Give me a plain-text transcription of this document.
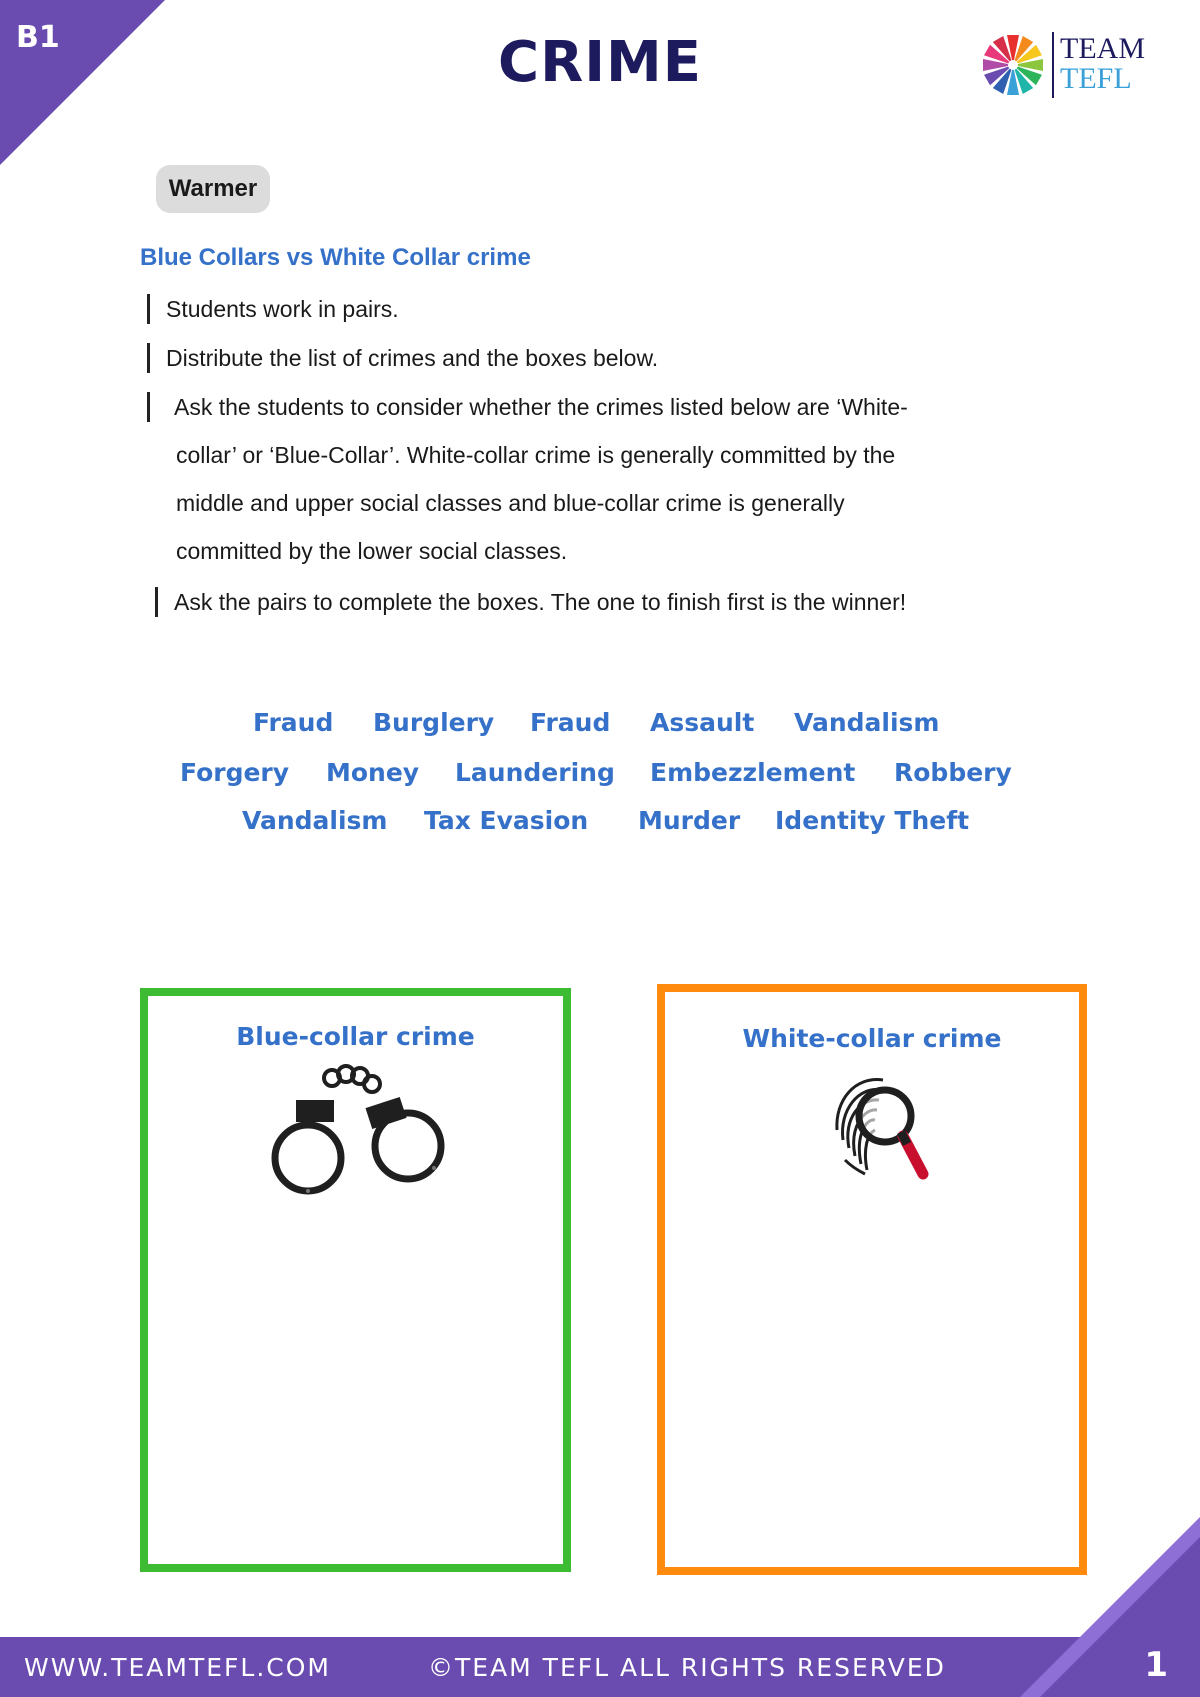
B1	CRIME	TEAM
TEFL
Warmer
Blue Collars vs White Collar crime
Students work in pairs.
Distribute the list of crimes and the boxes below.
Ask the students to consider whether the crimes listed below are ‘White-
collar’ or ‘Blue-Collar’. White-collar crime is generally committed by the
middle and upper social classes and blue-collar crime is generally
committed by the lower social classes.
Ask the pairs to complete the boxes. The one to finish first is the winner!
Fraud Burglery Fraud Assault Vandalism
Forgery Money Laundering Embezzlement Robbery
Vandalism Tax Evasion Murder Identity Theft
Blue-collar crime	White-collar crime
WWW.TEAMTEFL.COM	©TEAM TEFL ALL RIGHTS RESERVED	1
